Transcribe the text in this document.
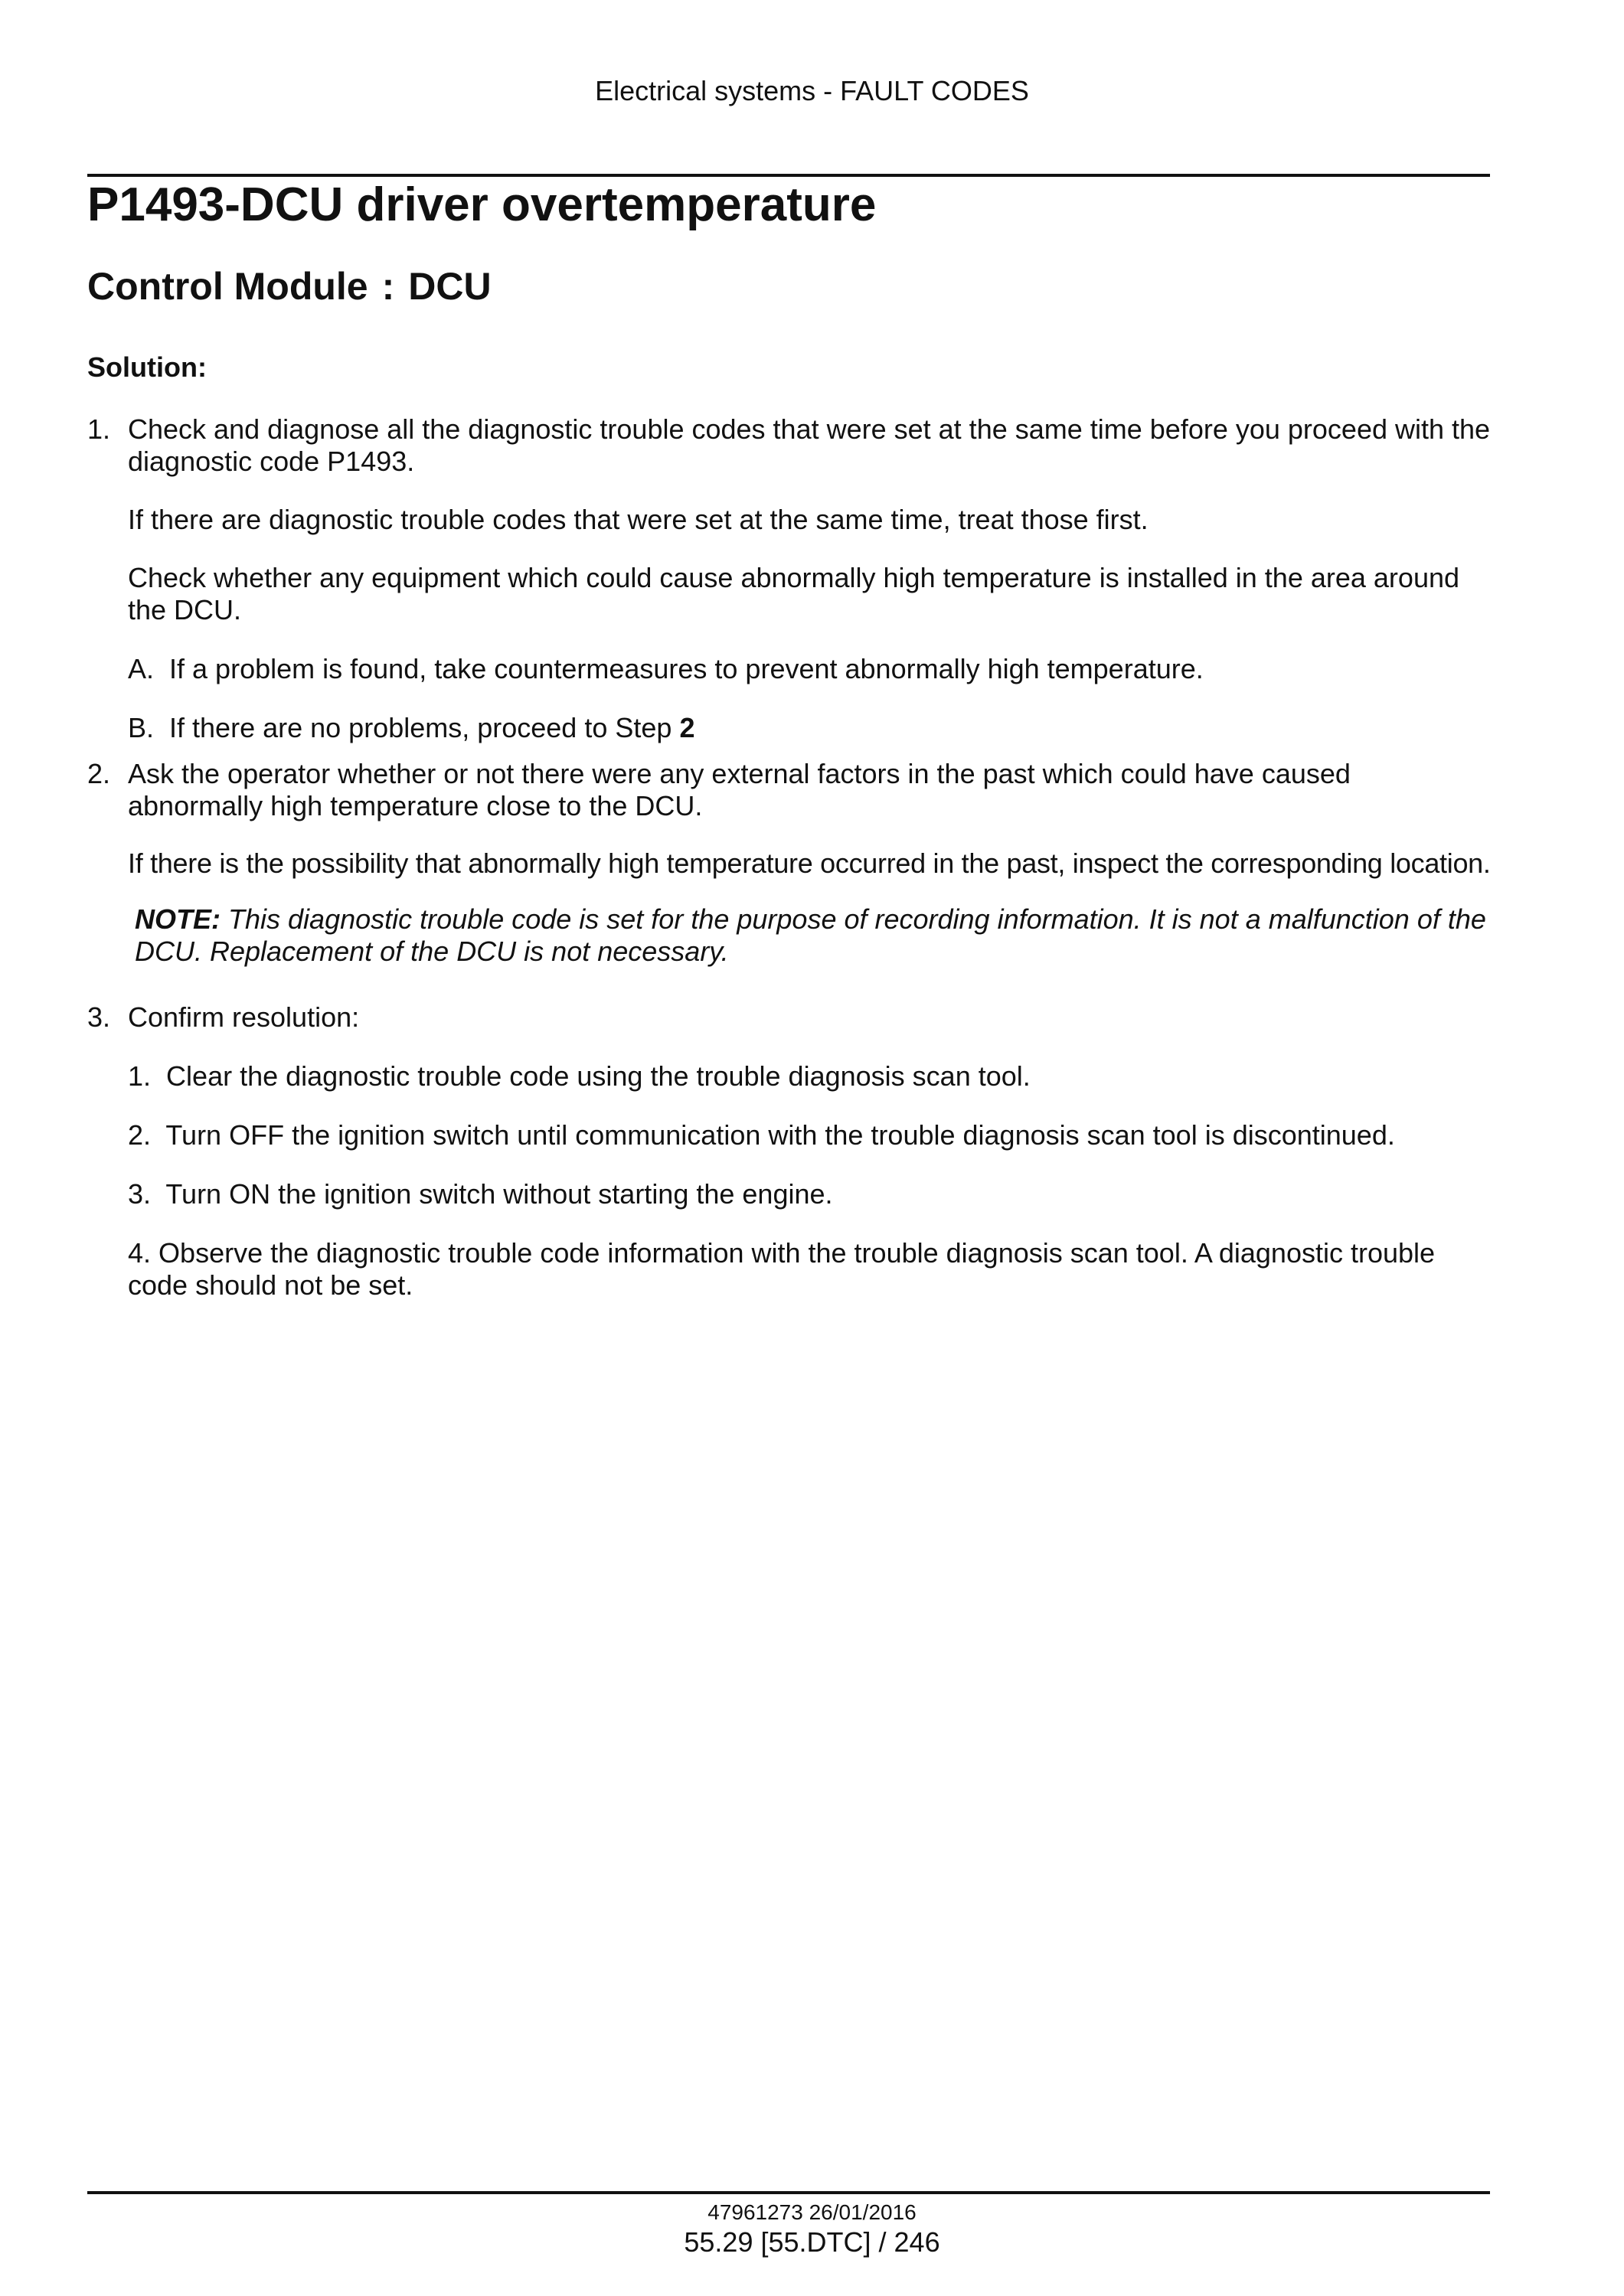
Electrical systems - FAULT CODES
P1493-DCU driver overtemperature
Control Module : DCU
Solution:
1. Check and diagnose all the diagnostic trouble codes that were set at the same time before you proceed with the diagnostic code P1493.
If there are diagnostic trouble codes that were set at the same time, treat those first.
Check whether any equipment which could cause abnormally high temperature is installed in the area around the DCU.
A. If a problem is found, take countermeasures to prevent abnormally high temperature.
B. If there are no problems, proceed to Step 2
2. Ask the operator whether or not there were any external factors in the past which could have caused abnormally high temperature close to the DCU.
If there is the possibility that abnormally high temperature occurred in the past, inspect the corresponding location.
NOTE: This diagnostic trouble code is set for the purpose of recording information. It is not a malfunction of the DCU. Replacement of the DCU is not necessary.
3. Confirm resolution:
1. Clear the diagnostic trouble code using the trouble diagnosis scan tool.
2. Turn OFF the ignition switch until communication with the trouble diagnosis scan tool is discontinued.
3. Turn ON the ignition switch without starting the engine.
4. Observe the diagnostic trouble code information with the trouble diagnosis scan tool. A diagnostic trouble code should not be set.
47961273 26/01/2016
55.29 [55.DTC] / 246
